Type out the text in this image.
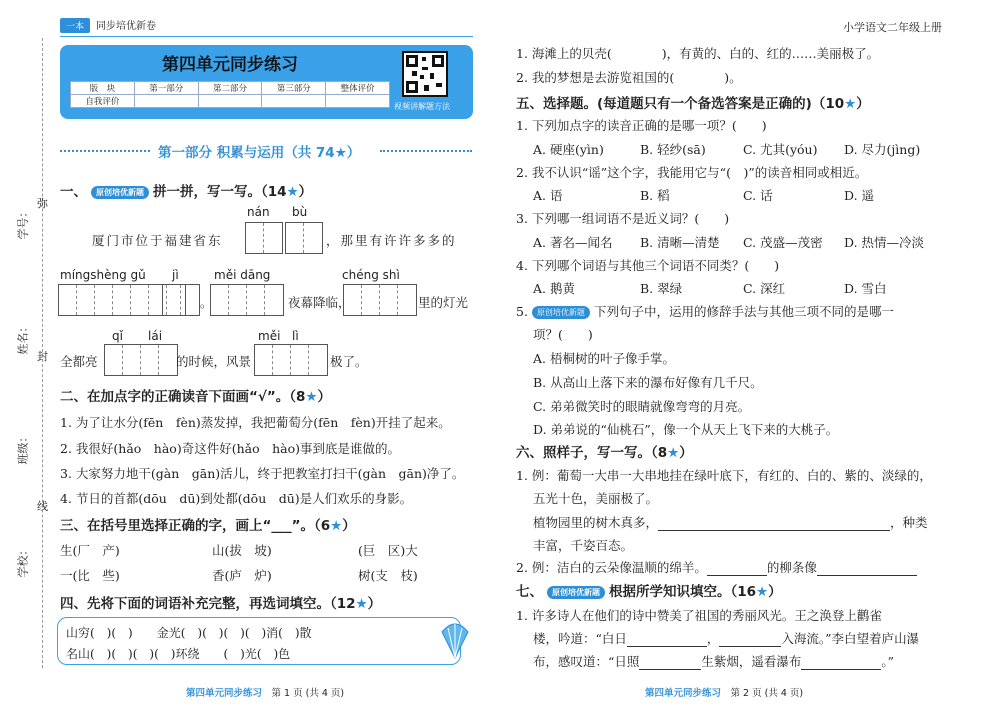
弥
封
线
学号：
姓名：
班级：
学校：
一本 同步培优新卷	小学语文二年级上册
第四单元同步练习
版　块	第一部分	第二部分	第三部分	整体评价
自我评价					视频讲解题方法
第一部分 积累与运用（共 74★）
一、 原创培优新题 拼一拼，写一写。（14★）
nán bù
厦门市位于福建省东	，那里有许许多多的
míngshèng gǔ jì	měi dāng	chéng shì
。	夜幕降临，	里的灯光
qǐ lái	měi lì
全都亮	的时候，风景	极了。
二、在加点字的正确读音下面画“√”。（8★）
1. 为了让水分(fēn　fèn)蒸发掉，我把葡萄分(fēn　fèn)开挂了起来。
2. 我很好(hǎo　hào)奇这件好(hǎo　hào)事到底是谁做的。
3. 大家努力地干(gàn　gān)活儿，终于把教室打扫干(gàn　gān)净了。
4. 节日的首都(dōu　dū)到处都(dōu　dū)是人们欢乐的身影。
三、在括号里选择正确的字，画上“___”。（6★）
生(厂　产)	山(拔　坡)	(巨　区)大
一(比　些)	香(庐　炉)	树(支　枝)
四、先将下面的词语补充完整，再选词填空。（12★）
山穷(　)(　)　　金光(　)(　)(　)(　)消(　)散
名山(　)(　)(　)(　)环绕　　(　)光(　)色
第四单元同步练习　 第 1 页 (共 4 页)	第四单元同步练习　 第 2 页 (共 4 页)
1. 海滩上的贝壳(　　　　)，有黄的、白的、红的……美丽极了。
2. 我的梦想是去游览祖国的(　　　　)。
五、选择题。(每道题只有一个备选答案是正确的)（10★）
1. 下列加点字的读音正确的是哪一项？(　　)
A. 硬座(yìn)	B. 轻纱(sā)	C. 尤其(yóu) D. 尽力(jìng)
2. 我不认识“谣”这个字，我能用它与“(　)”的读音相同或相近。
A. 语	B. 稻	C. 话	D. 遥
3. 下列哪一组词语不是近义词？(　　)
A. 著名—闻名 B. 清晰—清楚 C. 茂盛—茂密 D. 热情—冷淡
4. 下列哪个词语与其他三个词语不同类？(　　)
A. 鹅黄	B. 翠绿	C. 深红	D. 雪白
5. 原创培优新题 下列句子中，运用的修辞手法与其他三项不同的是哪一
项？(　　)
A. 梧桐树的叶子像手掌。
B. 从高山上落下来的瀑布好像有几千尺。
C. 弟弟微笑时的眼睛就像弯弯的月亮。
D. 弟弟说的“仙桃石”，像一个从天上飞下来的大桃子。
六、照样子，写一写。（8★）
1. 例：葡萄一大串一大串地挂在绿叶底下，有红的、白的、紫的、淡绿的，
五光十色，美丽极了。
植物园里的树木真多，	，种类
丰富，千姿百态。
2. 例：洁白的云朵像温顺的绵羊。	的柳条像
七、 原创培优新题 根据所学知识填空。（16★）
1. 许多诗人在他们的诗中赞美了祖国的秀丽风光。王之涣登上鹳雀
楼，吟道：“白日	，	入海流。”李白望着庐山瀑
布，感叹道：“日照	生紫烟，遥看瀑布	。”
